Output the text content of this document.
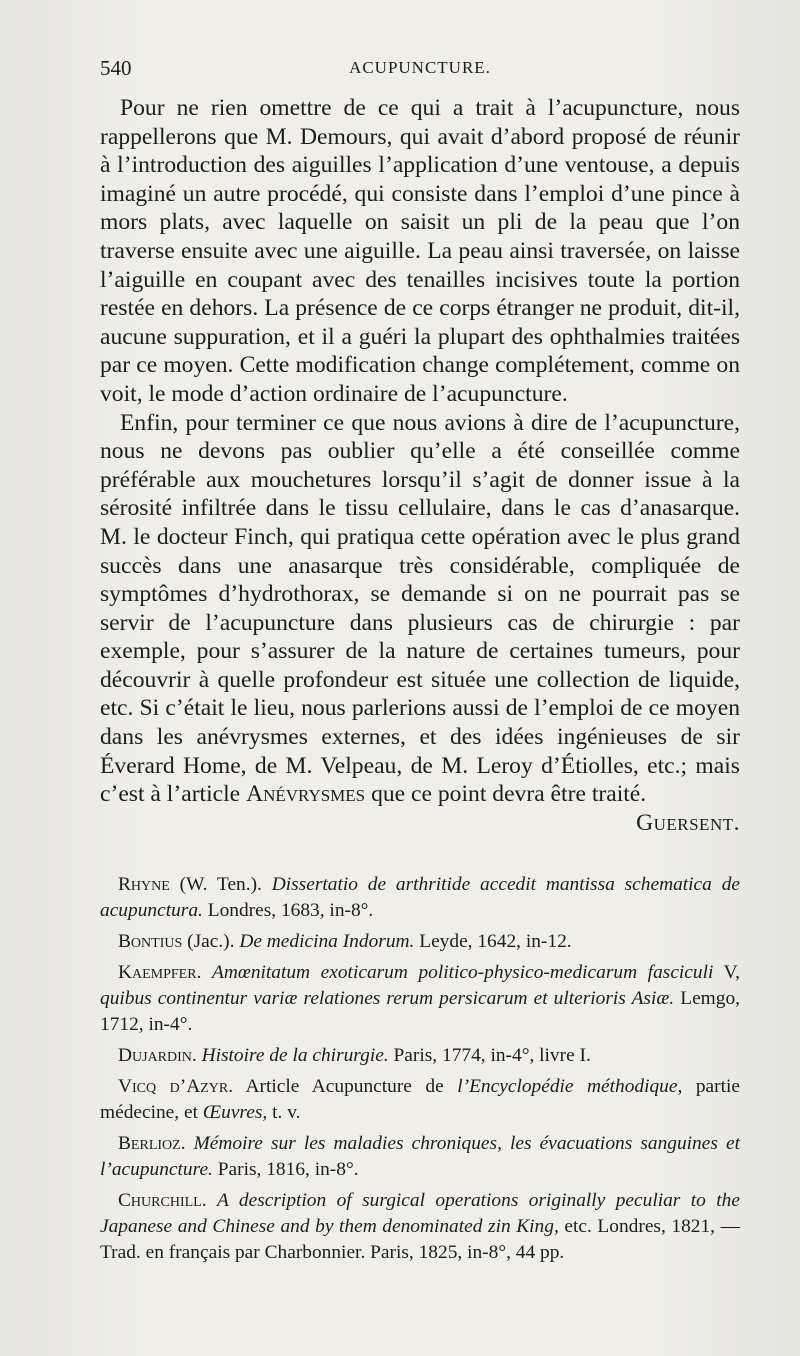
540	ACUPUNCTURE.

Pour ne rien omettre de ce qui a trait à l’acupuncture, nous rappellerons que M. Demours, qui avait d’abord proposé de réunir à l’introduction des aiguilles l’application d’une ventouse, a depuis imaginé un autre procédé, qui consiste dans l’emploi d’une pince à mors plats, avec laquelle on saisit un pli de la peau que l’on traverse ensuite avec une aiguille. La peau ainsi traversée, on laisse l’aiguille en coupant avec des tenailles incisives toute la portion restée en dehors. La présence de ce corps étranger ne produit, dit-il, aucune suppuration, et il a guéri la plupart des ophthalmies traitées par ce moyen. Cette modification change complétement, comme on voit, le mode d’action ordinaire de l’acupuncture.

Enfin, pour terminer ce que nous avions à dire de l’acupuncture, nous ne devons pas oublier qu’elle a été conseillée comme préférable aux mouchetures lorsqu’il s’agit de donner issue à la sérosité infiltrée dans le tissu cellulaire, dans le cas d’anasarque. M. le docteur Finch, qui pratiqua cette opération avec le plus grand succès dans une anasarque très considérable, compliquée de symptômes d’hydrothorax, se demande si on ne pourrait pas se servir de l’acupuncture dans plusieurs cas de chirurgie : par exemple, pour s’assurer de la nature de certaines tumeurs, pour découvrir à quelle profondeur est située une collection de liquide, etc. Si c’était le lieu, nous parlerions aussi de l’emploi de ce moyen dans les anévrysmes externes, et des idées ingénieuses de sir Éverard Home, de M. Velpeau, de M. Leroy d’Étiolles, etc.; mais c’est à l’article Anévrysmes que ce point devra être traité.
Guersent.

Rhyne (W. Ten.). Dissertatio de arthritide accedit mantissa schematica de acupunctura. Londres, 1683, in-8°.

Bontius (Jac.). De medicina Indorum. Leyde, 1642, in-12.

Kaempfer. Amœnitatum exoticarum politico-physico-medicarum fasciculi V, quibus continentur variæ relationes rerum persicarum et ulterioris Asiæ. Lemgo, 1712, in-4°.

Dujardin. Histoire de la chirurgie. Paris, 1774, in-4°, livre I.

Vicq d’Azyr. Article Acupuncture de l’Encyclopédie méthodique, partie médecine, et Œuvres, t. v.

Berlioz. Mémoire sur les maladies chroniques, les évacuations sanguines et l’acupuncture. Paris, 1816, in-8°.

Churchill. A description of surgical operations originally peculiar to the Japanese and Chinese and by them denominated zin King, etc. Londres, 1821, — Trad. en français par Charbonnier. Paris, 1825, in-8°, 44 pp.
